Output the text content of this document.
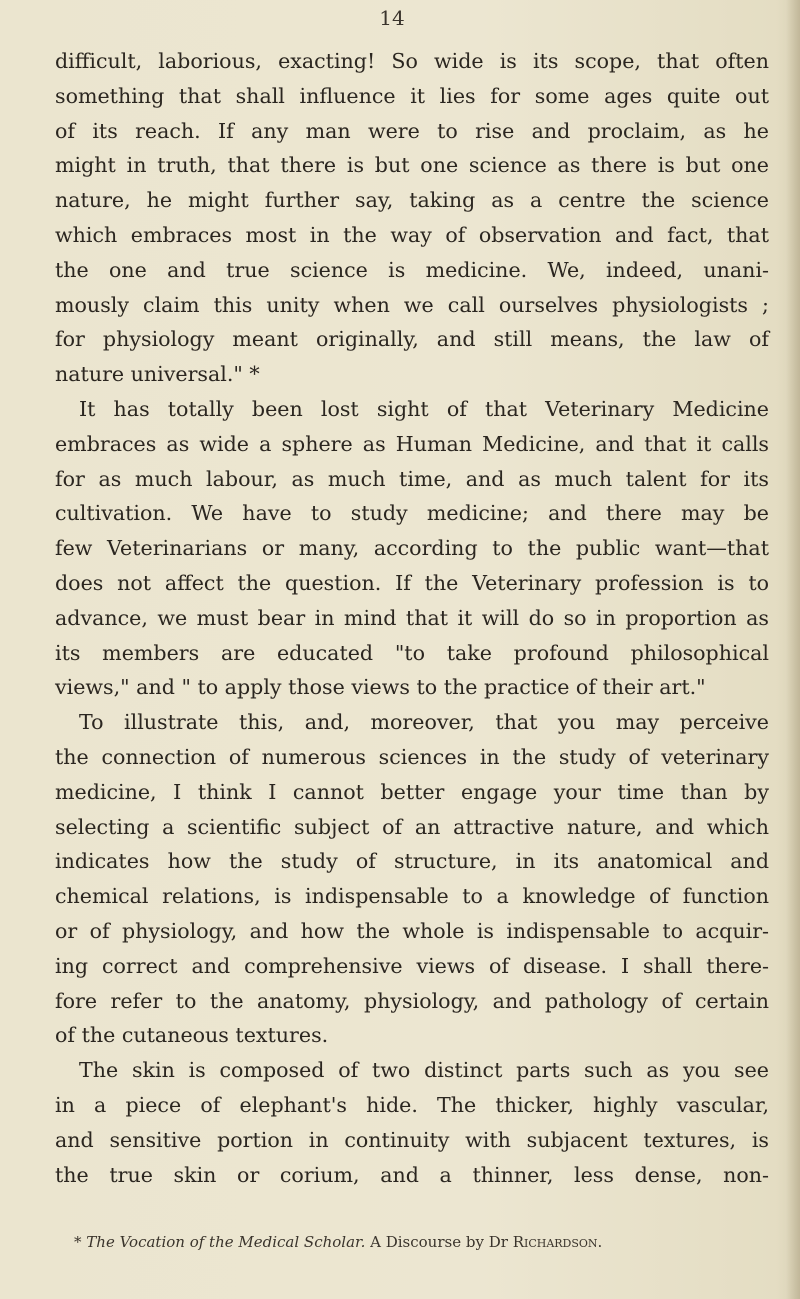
14
difficult, laborious, exacting! So wide is its scope, that often
something that shall influence it lies for some ages quite out
of its reach. If any man were to rise and proclaim, as he
might in truth, that there is but one science as there is but one
nature, he might further say, taking as a centre the science
which embraces most in the way of observation and fact, that
the one and true science is medicine. We, indeed, unani-
mously claim this unity when we call ourselves physiologists ;
for physiology meant originally, and still means, the law of
nature universal." *
It has totally been lost sight of that Veterinary Medicine
embraces as wide a sphere as Human Medicine, and that it calls
for as much labour, as much time, and as much talent for its
cultivation. We have to study medicine; and there may be
few Veterinarians or many, according to the public want—that
does not affect the question. If the Veterinary profession is to
advance, we must bear in mind that it will do so in proportion as
its members are educated "to take profound philosophical
views," and " to apply those views to the practice of their art."
To illustrate this, and, moreover, that you may perceive
the connection of numerous sciences in the study of veterinary
medicine, I think I cannot better engage your time than by
selecting a scientific subject of an attractive nature, and which
indicates how the study of structure, in its anatomical and
chemical relations, is indispensable to a knowledge of function
or of physiology, and how the whole is indispensable to acquir-
ing correct and comprehensive views of disease. I shall there-
fore refer to the anatomy, physiology, and pathology of certain
of the cutaneous textures.
The skin is composed of two distinct parts such as you see
in a piece of elephant's hide. The thicker, highly vascular,
and sensitive portion in continuity with subjacent textures, is
the true skin or corium, and a thinner, less dense, non-
* The Vocation of the Medical Scholar. A Discourse by Dr Richardson.
